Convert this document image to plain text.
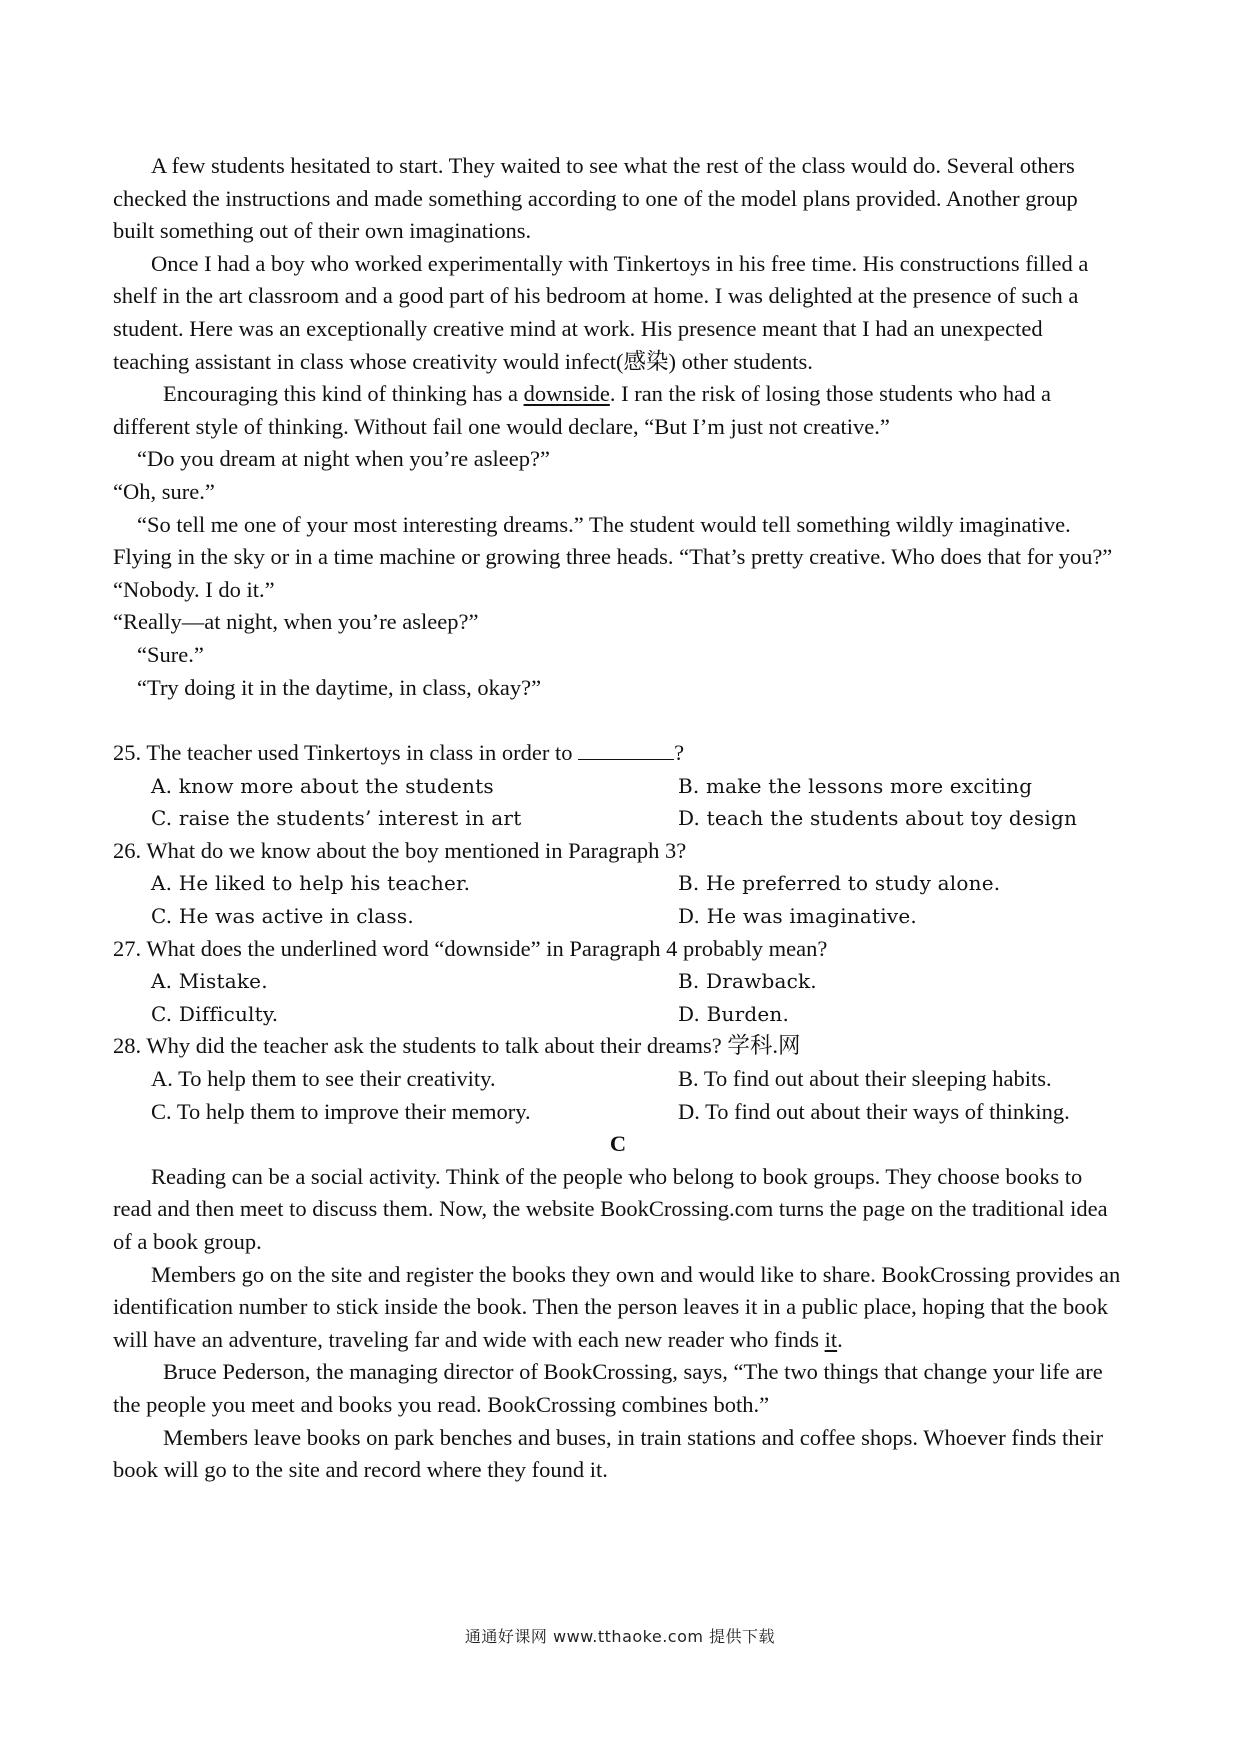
A few students hesitated to start. They waited to see what the rest of the class would do. Several others checked the instructions and made something according to one of the model plans provided. Another group built something out of their own imaginations.

Once I had a boy who worked experimentally with Tinkertoys in his free time. His constructions filled a shelf in the art classroom and a good part of his bedroom at home. I was delighted at the presence of such a student. Here was an exceptionally creative mind at work. His presence meant that I had an unexpected teaching assistant in class whose creativity would infect(感染) other students.

Encouraging this kind of thinking has a downside. I ran the risk of losing those students who had a different style of thinking. Without fail one would declare, “But I’m just not creative.”

“Do you dream at night when you’re asleep?”

“Oh, sure.”

“So tell me one of your most interesting dreams.” The student would tell something wildly imaginative. Flying in the sky or in a time machine or growing three heads. “That’s pretty creative. Who does that for you?”

“Nobody. I do it.”

“Really—at night, when you’re asleep?”

“Sure.”

“Try doing it in the daytime, in class, okay?”

25. The teacher used Tinkertoys in class in order to	?

A. know more about the students	B. make the lessons more exciting
C. raise the students’ interest in art	D. teach the students about toy design

26. What do we know about the boy mentioned in Paragraph 3?

A. He liked to help his teacher.	B. He preferred to study alone.
C. He was active in class.	D. He was imaginative.

27. What does the underlined word “downside” in Paragraph 4 probably mean?

A. Mistake.	B. Drawback.
C. Difficulty.	D. Burden.

28. Why did the teacher ask the students to talk about their dreams? 学科.网

A. To help them to see their creativity.	B. To find out about their sleeping habits.
C. To help them to improve their memory.	D. To find out about their ways of thinking.

C

Reading can be a social activity. Think of the people who belong to book groups. They choose books to read and then meet to discuss them. Now, the website BookCrossing.com turns the page on the traditional idea of a book group.

Members go on the site and register the books they own and would like to share. BookCrossing provides an identification number to stick inside the book. Then the person leaves it in a public place, hoping that the book will have an adventure, traveling far and wide with each new reader who finds it.

Bruce Pederson, the managing director of BookCrossing, says, “The two things that change your life are the people you meet and books you read. BookCrossing combines both.”

Members leave books on park benches and buses, in train stations and coffee shops. Whoever finds their book will go to the site and record where they found it.

通通好课网 www.tthaoke.com 提供下载
